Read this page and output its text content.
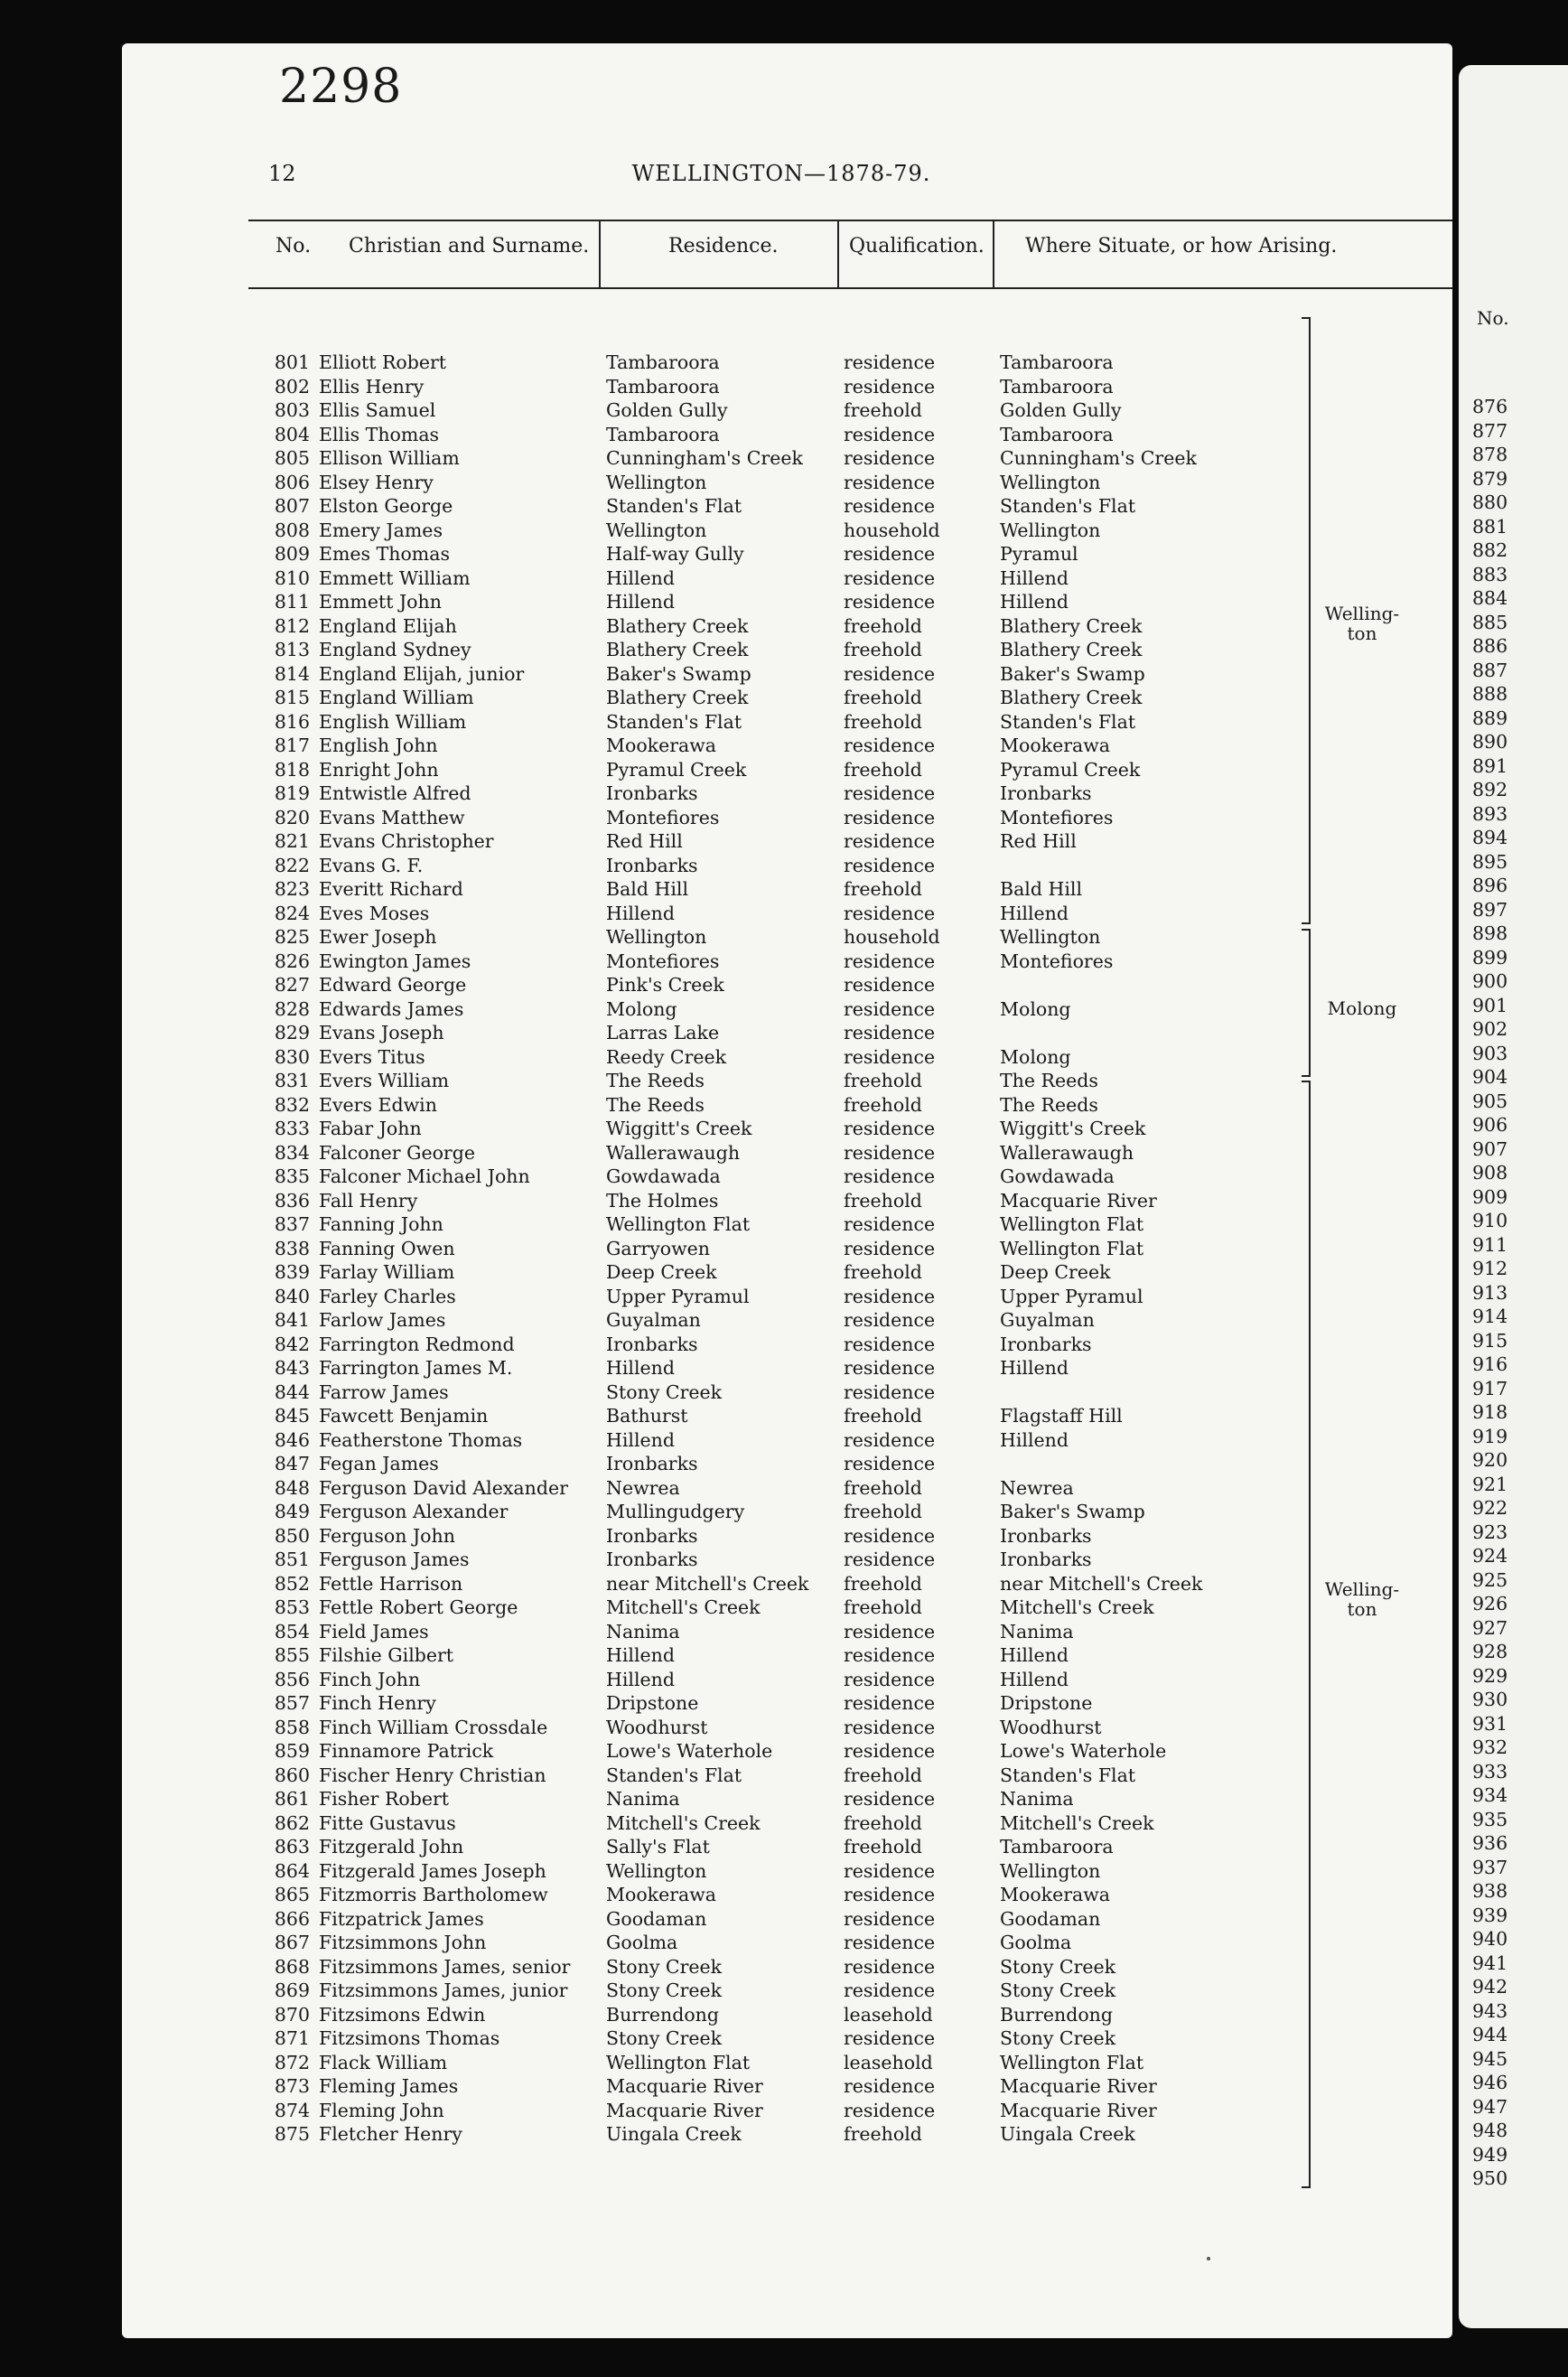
2298
12	WELLINGTON—1878-79.
No. Christian and Surname.	Residence.	Qualification. Where Situate, or how Arising.
801 Elliott Robert	Tambaroora	residence	Tambaroora
802 Ellis Henry	Tambaroora	residence	Tambaroora
803 Ellis Samuel	Golden Gully	freehold	Golden Gully
804 Ellis Thomas	Tambaroora	residence	Tambaroora
805 Ellison William	Cunningham's Creek residence	Cunningham's Creek
806 Elsey Henry	Wellington	residence	Wellington
807 Elston George	Standen's Flat	residence	Standen's Flat
808 Emery James	Wellington	household	Wellington
809 Emes Thomas	Half-way Gully	residence	Pyramul
810 Emmett William	Hillend	residence	Hillend
811 Emmett John	Hillend	residence	Hillend
812 England Elijah	Blathery Creek	freehold	Blathery Creek
813 England Sydney	Blathery Creek	freehold	Blathery Creek
814 England Elijah, junior	Baker's Swamp	residence	Baker's Swamp
815 England William	Blathery Creek	freehold	Blathery Creek
816 English William	Standen's Flat	freehold	Standen's Flat
817 English John	Mookerawa	residence	Mookerawa
818 Enright John	Pyramul Creek	freehold	Pyramul Creek
819 Entwistle Alfred	Ironbarks	residence	Ironbarks
820 Evans Matthew	Montefiores	residence	Montefiores
821 Evans Christopher	Red Hill	residence	Red Hill
822 Evans G. F.	Ironbarks	residence
823 Everitt Richard	Bald Hill	freehold	Bald Hill
824 Eves Moses	Hillend	residence	Hillend
825 Ewer Joseph	Wellington	household	Wellington
826 Ewington James	Montefiores	residence	Montefiores
827 Edward George	Pink's Creek	residence
828 Edwards James	Molong	residence	Molong
829 Evans Joseph	Larras Lake	residence
830 Evers Titus	Reedy Creek	residence	Molong
831 Evers William	The Reeds	freehold	The Reeds
832 Evers Edwin	The Reeds	freehold	The Reeds
833 Fabar John	Wiggitt's Creek	residence	Wiggitt's Creek
834 Falconer George	Wallerawaugh	residence	Wallerawaugh
835 Falconer Michael John	Gowdawada	residence	Gowdawada
836 Fall Henry	The Holmes	freehold	Macquarie River
837 Fanning John	Wellington Flat	residence	Wellington Flat
838 Fanning Owen	Garryowen	residence	Wellington Flat
839 Farlay William	Deep Creek	freehold	Deep Creek
840 Farley Charles	Upper Pyramul	residence	Upper Pyramul
841 Farlow James	Guyalman	residence	Guyalman
842 Farrington Redmond	Ironbarks	residence	Ironbarks
843 Farrington James M.	Hillend	residence	Hillend
844 Farrow James	Stony Creek	residence
845 Fawcett Benjamin	Bathurst	freehold	Flagstaff Hill
846 Featherstone Thomas	Hillend	residence	Hillend
847 Fegan James	Ironbarks	residence
848 Ferguson David Alexander Newrea	freehold	Newrea
849 Ferguson Alexander	Mullingudgery	freehold	Baker's Swamp
850 Ferguson John	Ironbarks	residence	Ironbarks
851 Ferguson James	Ironbarks	residence	Ironbarks
852 Fettle Harrison	near Mitchell's Creek freehold	near Mitchell's Creek
853 Fettle Robert George	Mitchell's Creek	freehold	Mitchell's Creek
854 Field James	Nanima	residence	Nanima
855 Filshie Gilbert	Hillend	residence	Hillend
856 Finch John	Hillend	residence	Hillend
857 Finch Henry	Dripstone	residence	Dripstone
858 Finch William Crossdale	Woodhurst	residence	Woodhurst
859 Finnamore Patrick	Lowe's Waterhole	residence	Lowe's Waterhole
860 Fischer Henry Christian	Standen's Flat	freehold	Standen's Flat
861 Fisher Robert	Nanima	residence	Nanima
862 Fitte Gustavus	Mitchell's Creek	freehold	Mitchell's Creek
863 Fitzgerald John	Sally's Flat	freehold	Tambaroora
864 Fitzgerald James Joseph	Wellington	residence	Wellington
865 Fitzmorris Bartholomew	Mookerawa	residence	Mookerawa
866 Fitzpatrick James	Goodaman	residence	Goodaman
867 Fitzsimmons John	Goolma	residence	Goolma
868 Fitzsimmons James, senior Stony Creek	residence	Stony Creek
869 Fitzsimmons James, junior Stony Creek	residence	Stony Creek
870 Fitzsimons Edwin	Burrendong	leasehold	Burrendong
871 Fitzsimons Thomas	Stony Creek	residence	Stony Creek
872 Flack William	Wellington Flat	leasehold	Wellington Flat
873 Fleming James	Macquarie River	residence	Macquarie River
874 Fleming John	Macquarie River	residence	Macquarie River
875 Fletcher Henry	Uingala Creek	freehold	Uingala Creek
Welling-
ton
Molong
Welling-
ton
No.
876
877
878
879
880
881
882
883
884
885
886
887
888
889
890
891
892
893
894
895
896
897
898
899
900
901
902
903
904
905
906
907
908
909
910
911
912
913
914
915
916
917
918
919
920
921
922
923
924
925
926
927
928
929
930
931
932
933
934
935
936
937
938
939
940
941
942
943
944
945
946
947
948
949
950
